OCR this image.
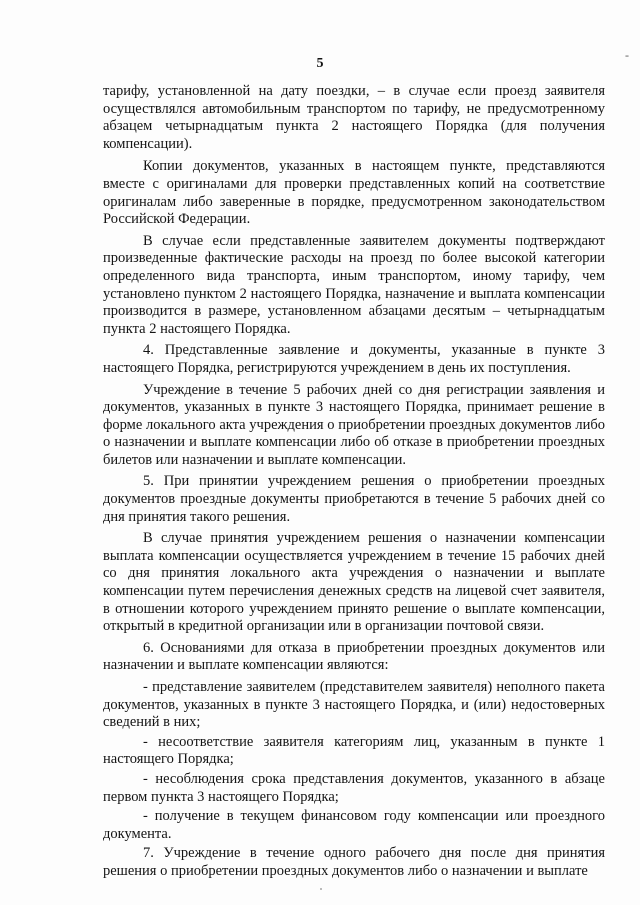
5
-

тарифу, установленной на дату поездки, – в случае если проезд заявителя осуществлялся автомобильным транспортом по тарифу, не предусмотренному абзацем четырнадцатым пункта 2 настоящего Порядка (для получения компенсации).

Копии документов, указанных в настоящем пункте, представляются вместе с оригиналами для проверки представленных копий на соответствие оригиналам либо заверенные в порядке, предусмотренном законодательством Российской Федерации.

В случае если представленные заявителем документы подтверждают произведенные фактические расходы на проезд по более высокой категории определенного вида транспорта, иным транспортом, иному тарифу, чем установлено пунктом 2 настоящего Порядка, назначение и выплата компенсации производится в размере, установленном абзацами десятым – четырнадцатым пункта 2 настоящего Порядка.

4. Представленные заявление и документы, указанные в пункте 3 настоящего Порядка, регистрируются учреждением в день их поступления.

Учреждение в течение 5 рабочих дней со дня регистрации заявления и документов, указанных в пункте 3 настоящего Порядка, принимает решение в форме локального акта учреждения о приобретении проездных документов либо о назначении и выплате компенсации либо об отказе в приобретении проездных билетов или назначении и выплате компенсации.

5. При принятии учреждением решения о приобретении проездных документов проездные документы приобретаются в течение 5 рабочих дней со дня принятия такого решения.

В случае принятия учреждением решения о назначении компенсации выплата компенсации осуществляется учреждением в течение 15 рабочих дней со дня принятия локального акта учреждения о назначении и выплате компенсации путем перечисления денежных средств на лицевой счет заявителя, в отношении которого учреждением принято решение о выплате компенсации, открытый в кредитной организации или в организации почтовой связи.

6. Основаниями для отказа в приобретении проездных документов или назначении и выплате компенсации являются:

- представление заявителем (представителем заявителя) неполного пакета документов, указанных в пункте 3 настоящего Порядка, и (или) недостоверных сведений в них;

- несоответствие заявителя категориям лиц, указанным в пункте 1 настоящего Порядка;

- несоблюдения срока представления документов, указанного в абзаце первом пункта 3 настоящего Порядка;

- получение в текущем финансовом году компенсации или проездного документа.

7. Учреждение в течение одного рабочего дня после дня принятия решения о приобретении проездных документов либо о назначении и выплате
